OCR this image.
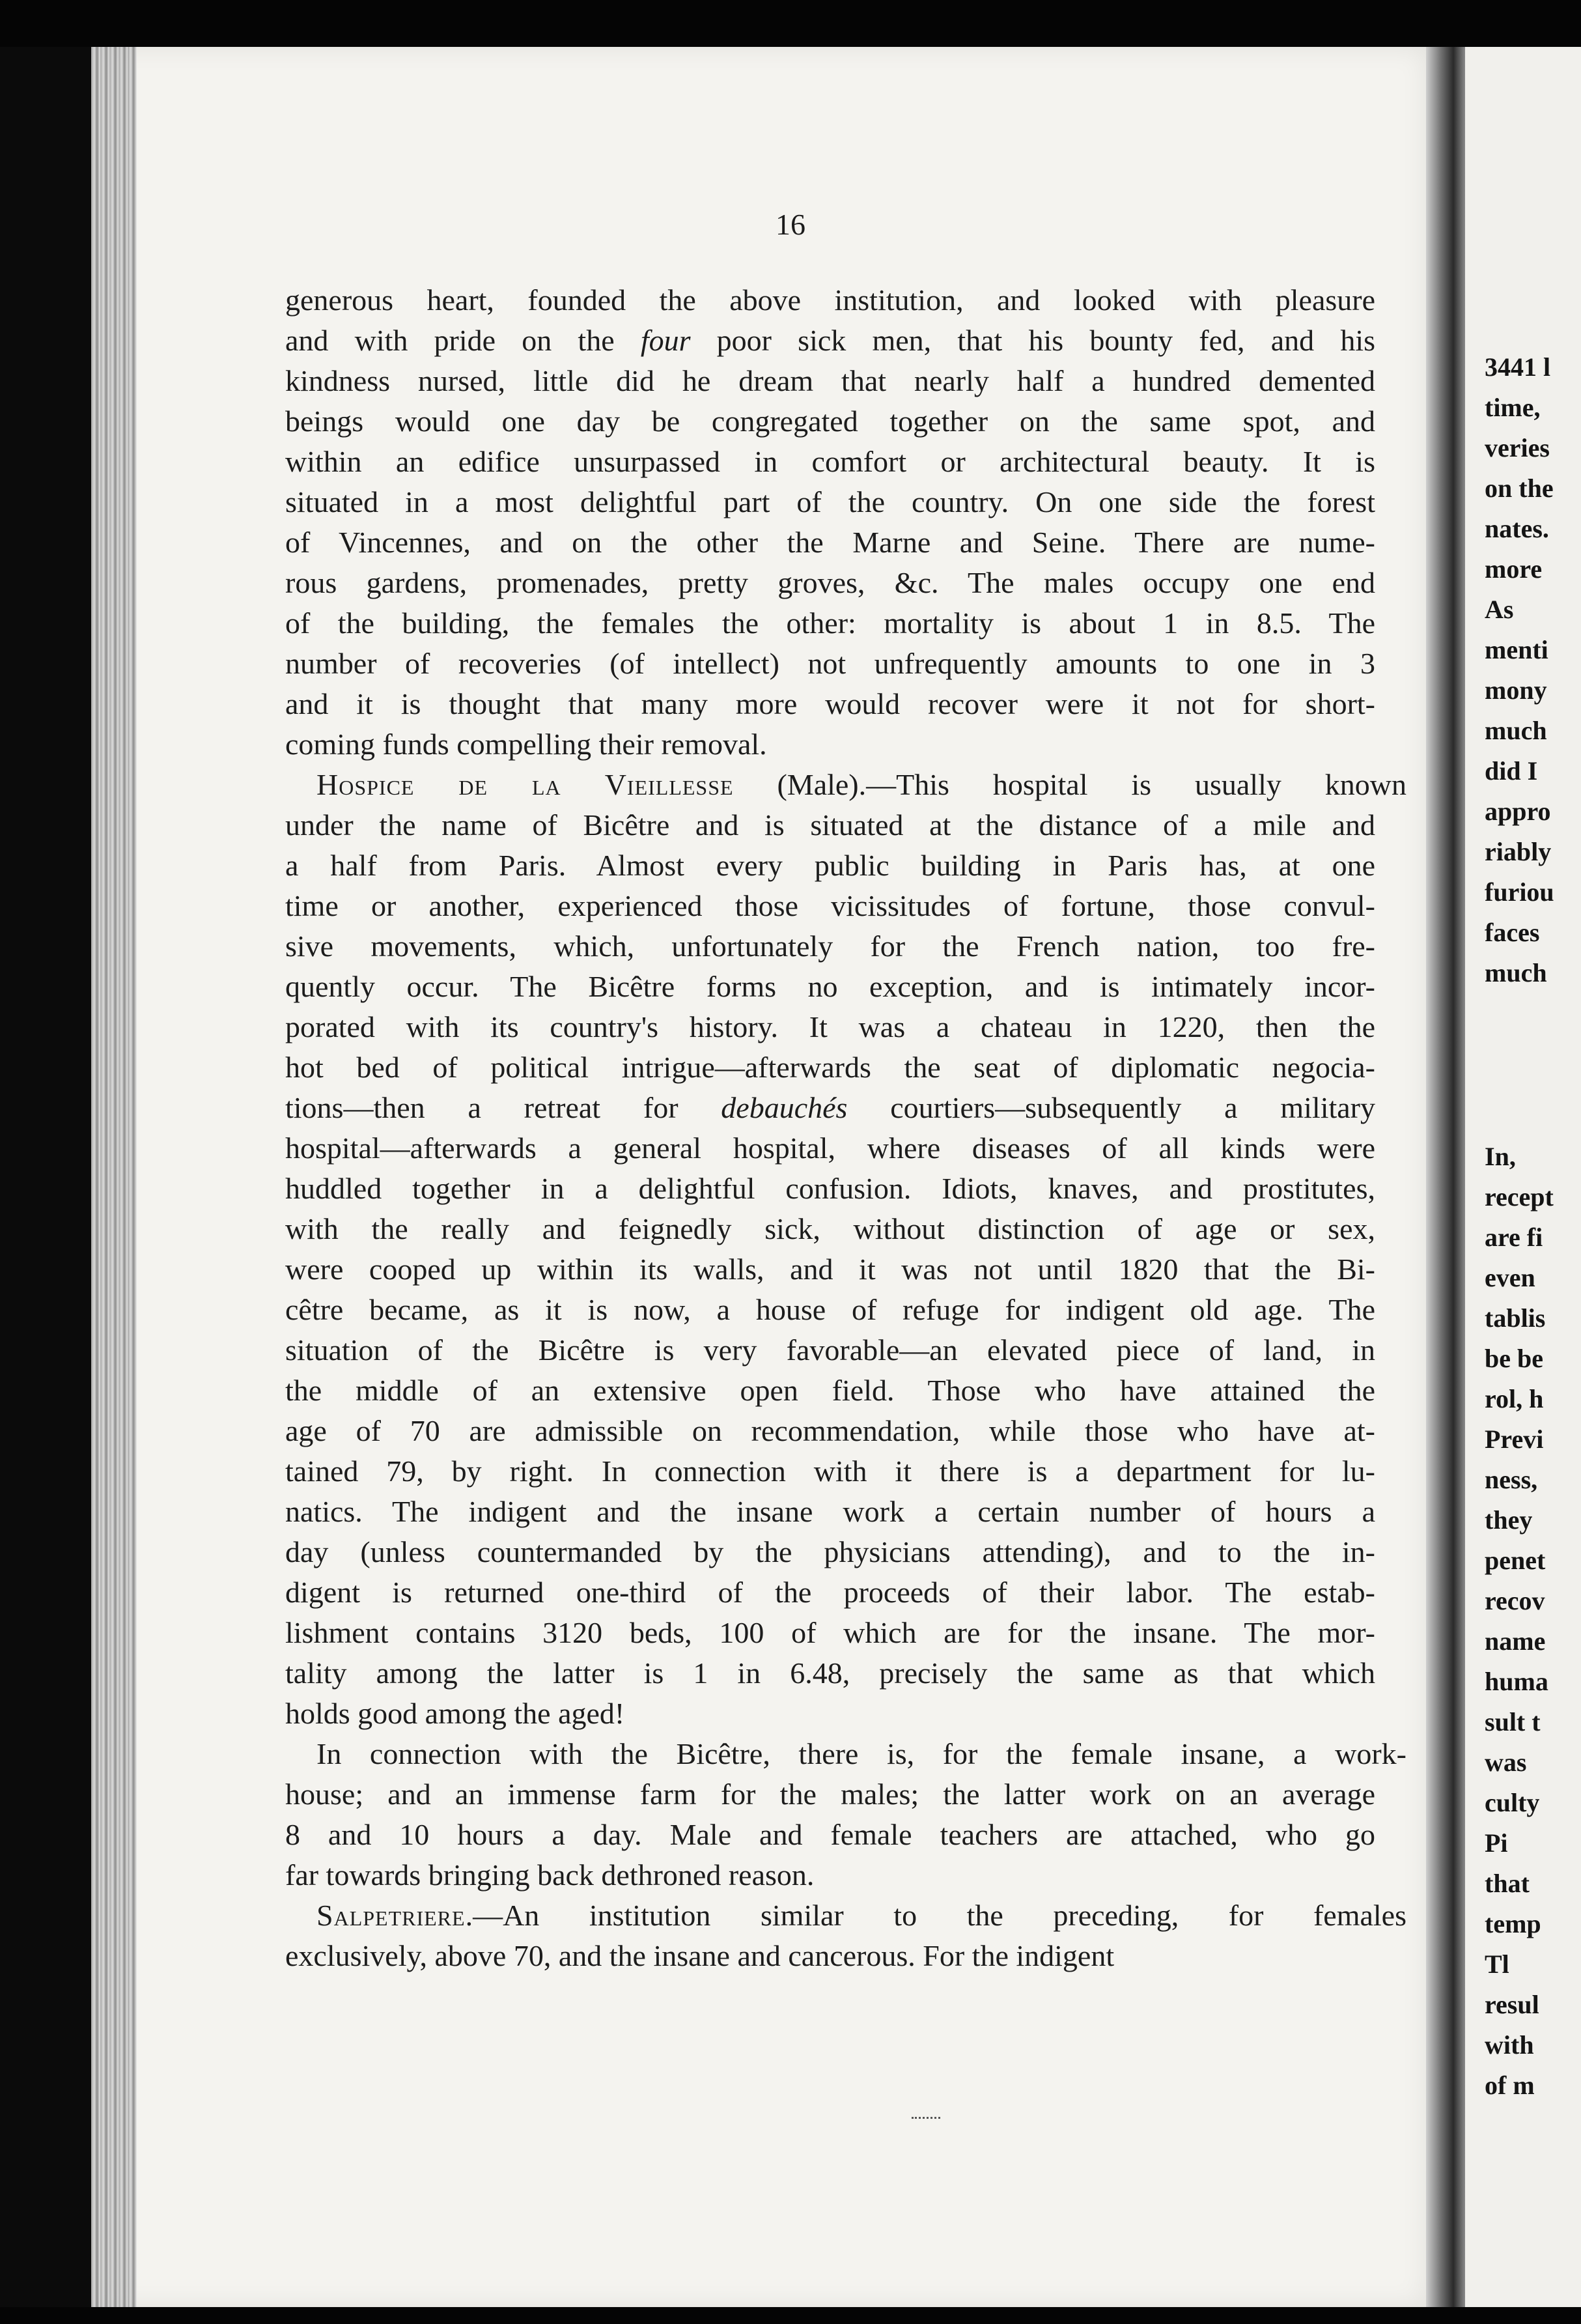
3441 l
time,
veries
on the
nates.
more
As
menti
mony
much
did I
appro
riably
furiou
faces
much
In,
recept
are fi
even
tablis
be be
rol, h
Previ
ness,
they
penet
recov
name
huma
sult t
was
culty
Pi
that
temp
Tl
resul
with
of m
16
generous heart, founded the above institution, and looked with pleasure
and with pride on the four poor sick men, that his bounty fed, and his
kindness nursed, little did he dream that nearly half a hundred demented
beings would one day be congregated together on the same spot, and
within an edifice unsurpassed in comfort or architectural beauty. It is
situated in a most delightful part of the country. On one side the forest
of Vincennes, and on the other the Marne and Seine. There are nume-
rous gardens, promenades, pretty groves, &c. The males occupy one end
of the building, the females the other: mortality is about 1 in 8.5. The
number of recoveries (of intellect) not unfrequently amounts to one in 3
and it is thought that many more would recover were it not for short-
coming funds compelling their removal.
Hospice de la Vieillesse (Male).—This hospital is usually known
under the name of Bicêtre and is situated at the distance of a mile and
a half from Paris. Almost every public building in Paris has, at one
time or another, experienced those vicissitudes of fortune, those convul-
sive movements, which, unfortunately for the French nation, too fre-
quently occur. The Bicêtre forms no exception, and is intimately incor-
porated with its country's history. It was a chateau in 1220, then the
hot bed of political intrigue—afterwards the seat of diplomatic negocia-
tions—then a retreat for debauchés courtiers—subsequently a military
hospital—afterwards a general hospital, where diseases of all kinds were
huddled together in a delightful confusion. Idiots, knaves, and prostitutes,
with the really and feignedly sick, without distinction of age or sex,
were cooped up within its walls, and it was not until 1820 that the Bi-
cêtre became, as it is now, a house of refuge for indigent old age. The
situation of the Bicêtre is very favorable—an elevated piece of land, in
the middle of an extensive open field. Those who have attained the
age of 70 are admissible on recommendation, while those who have at-
tained 79, by right. In connection with it there is a department for lu-
natics. The indigent and the insane work a certain number of hours a
day (unless countermanded by the physicians attending), and to the in-
digent is returned one-third of the proceeds of their labor. The estab-
lishment contains 3120 beds, 100 of which are for the insane. The mor-
tality among the latter is 1 in 6.48, precisely the same as that which
holds good among the aged!
In connection with the Bicêtre, there is, for the female insane, a work-
house; and an immense farm for the males; the latter work on an average
8 and 10 hours a day. Male and female teachers are attached, who go
far towards bringing back dethroned reason.
Salpetriere.—An institution similar to the preceding, for females
exclusively, above 70, and the insane and cancerous. For the indigent
